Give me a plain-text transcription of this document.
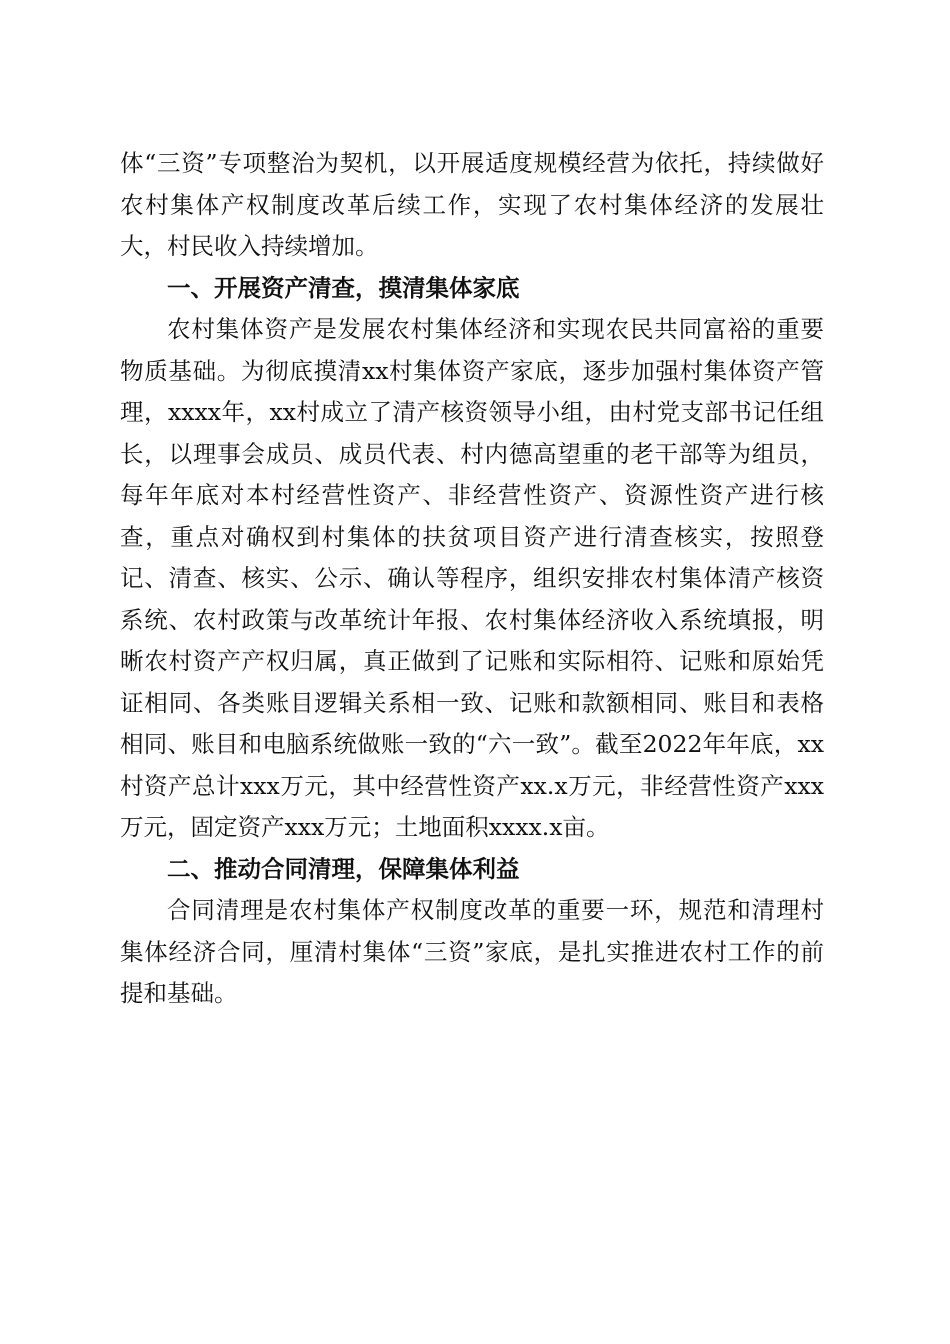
体“三资”专项整治为契机，以开展适度规模经营为依托，持续做好农村集体产权制度改革后续工作，实现了农村集体经济的发展壮大，村民收入持续增加。

一、开展资产清查，摸清集体家底

农村集体资产是发展农村集体经济和实现农民共同富裕的重要物质基础。为彻底摸清xx村集体资产家底，逐步加强村集体资产管理，xxxx年，xx村成立了清产核资领导小组，由村党支部书记任组长，以理事会成员、成员代表、村内德高望重的老干部等为组员，每年年底对本村经营性资产、非经营性资产、资源性资产进行核查，重点对确权到村集体的扶贫项目资产进行清查核实，按照登记、清查、核实、公示、确认等程序，组织安排农村集体清产核资系统、农村政策与改革统计年报、农村集体经济收入系统填报，明晰农村资产产权归属，真正做到了记账和实际相符、记账和原始凭证相同、各类账目逻辑关系相一致、记账和款额相同、账目和表格相同、账目和电脑系统做账一致的“六一致”。截至2022年年底，xx村资产总计xxx万元，其中经营性资产xx.x万元，非经营性资产xxx万元，固定资产xxx万元；土地面积xxxx.x亩。

二、推动合同清理，保障集体利益

合同清理是农村集体产权制度改革的重要一环，规范和清理村集体经济合同，厘清村集体“三资”家底，是扎实推进农村工作的前提和基础。
